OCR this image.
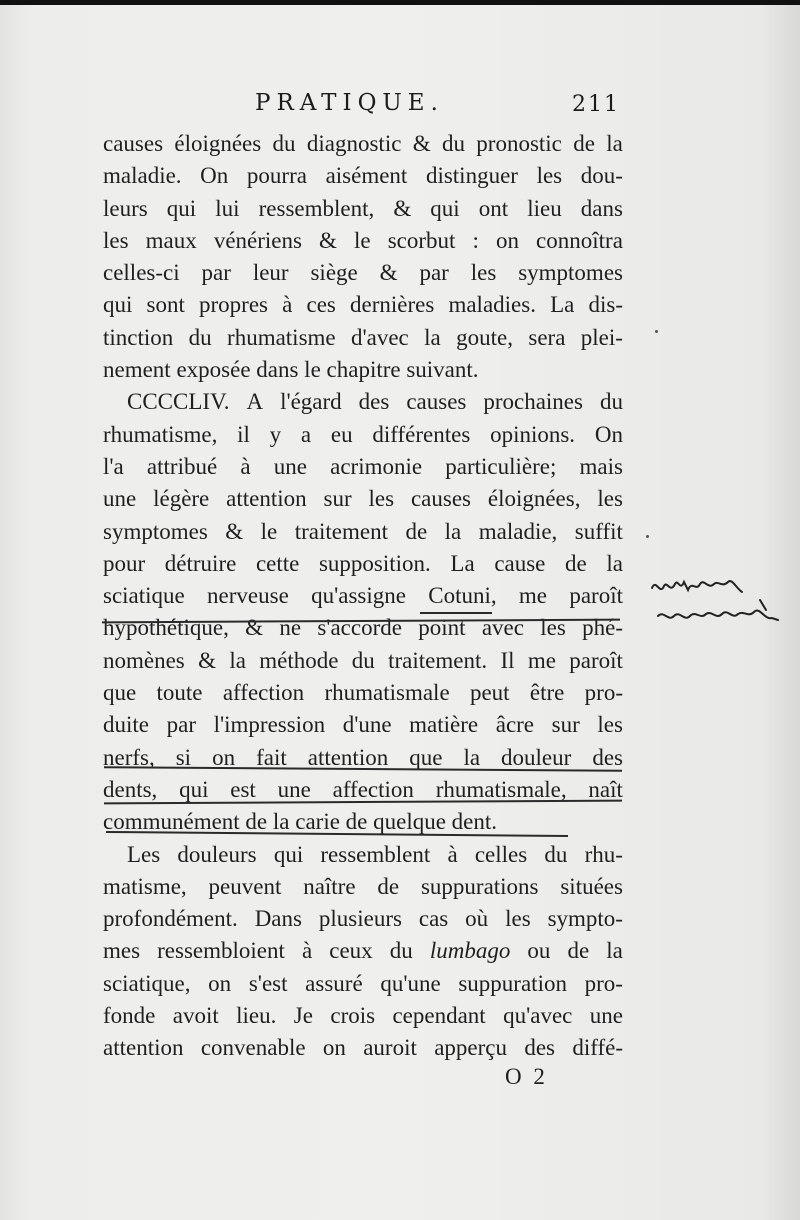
PRATIQUE.	211
causes éloignées du diagnostic & du pronostic de la
maladie. On pourra aisément distinguer les dou-
leurs qui lui ressemblent, & qui ont lieu dans
les maux vénériens & le scorbut : on connoîtra
celles-ci par leur siège & par les symptomes
qui sont propres à ces dernières maladies. La dis-
tinction du rhumatisme d'avec la goute, sera plei-
nement exposée dans le chapitre suivant.
CCCCLIV. A l'égard des causes prochaines du
rhumatisme, il y a eu différentes opinions. On
l'a attribué à une acrimonie particulière; mais
une légère attention sur les causes éloignées, les
symptomes & le traitement de la maladie, suffit
pour détruire cette supposition. La cause de la
sciatique nerveuse qu'assigne Cotuni, me paroît
hypothétique, & ne s'accorde point avec les phé-
nomènes & la méthode du traitement. Il me paroît
que toute affection rhumatismale peut être pro-
duite par l'impression d'une matière âcre sur les
nerfs, si on fait attention que la douleur des
dents, qui est une affection rhumatismale, naît
communément de la carie de quelque dent.
Les douleurs qui ressemblent à celles du rhu-
matisme, peuvent naître de suppurations situées
profondément. Dans plusieurs cas où les sympto-
mes ressembloient à ceux du lumbago ou de la
sciatique, on s'est assuré qu'une suppuration pro-
fonde avoit lieu. Je crois cependant qu'avec une
attention convenable on auroit apperçu des diffé-
O 2
